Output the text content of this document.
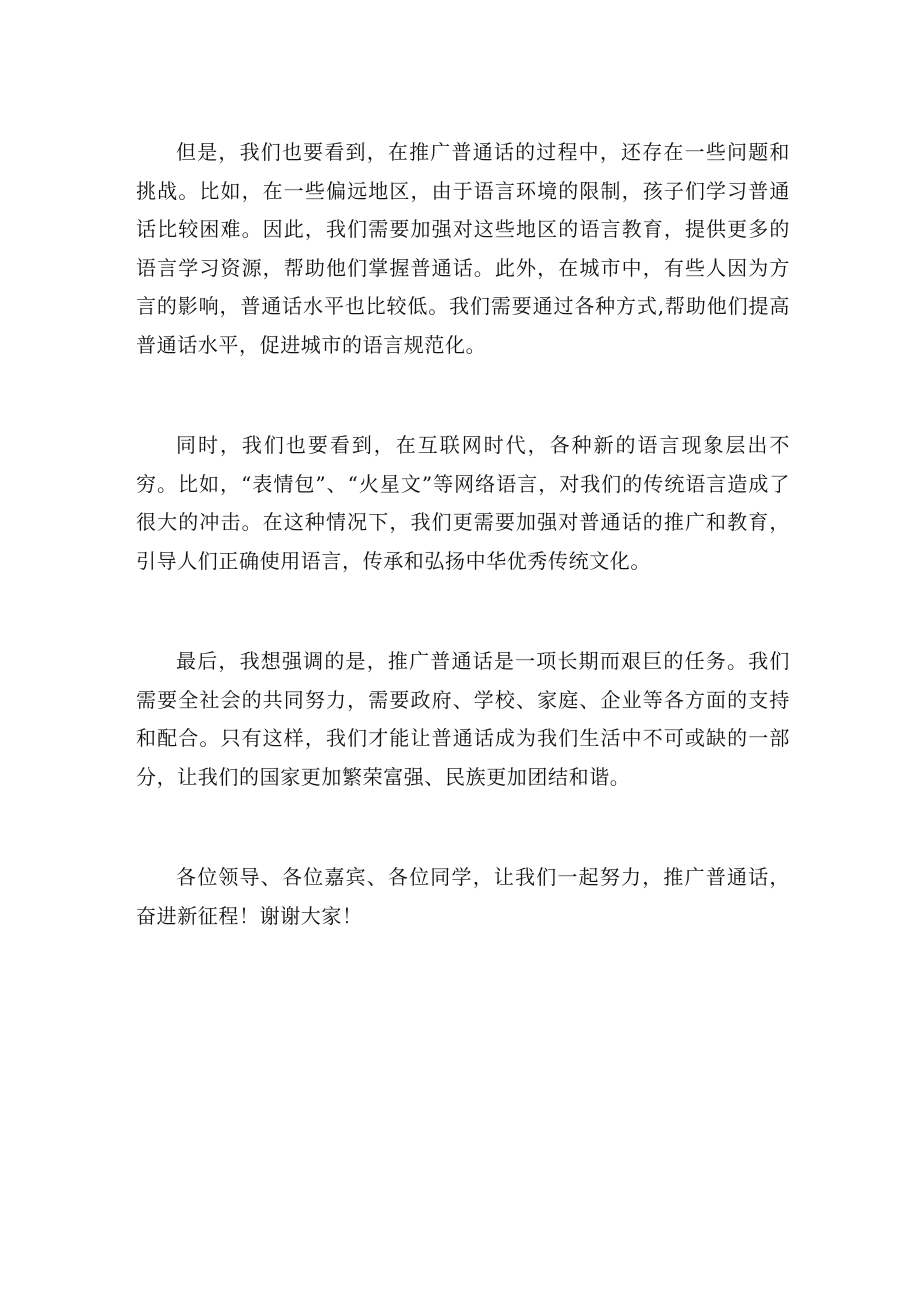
但是，我们也要看到，在推广普通话的过程中，还存在一些问题和挑战。比如，在一些偏远地区，由于语言环境的限制，孩子们学习普通话比较困难。因此，我们需要加强对这些地区的语言教育，提供更多的语言学习资源，帮助他们掌握普通话。此外，在城市中，有些人因为方言的影响，普通话水平也比较低。我们需要通过各种方式,帮助他们提高普通话水平，促进城市的语言规范化。

同时，我们也要看到，在互联网时代，各种新的语言现象层出不穷。比如，“表情包”、“火星文”等网络语言，对我们的传统语言造成了很大的冲击。在这种情况下，我们更需要加强对普通话的推广和教育，引导人们正确使用语言，传承和弘扬中华优秀传统文化。

最后，我想强调的是，推广普通话是一项长期而艰巨的任务。我们需要全社会的共同努力，需要政府、学校、家庭、企业等各方面的支持和配合。只有这样，我们才能让普通话成为我们生活中不可或缺的一部分，让我们的国家更加繁荣富强、民族更加团结和谐。

各位领导、各位嘉宾、各位同学，让我们一起努力，推广普通话，奋进新征程！谢谢大家！
